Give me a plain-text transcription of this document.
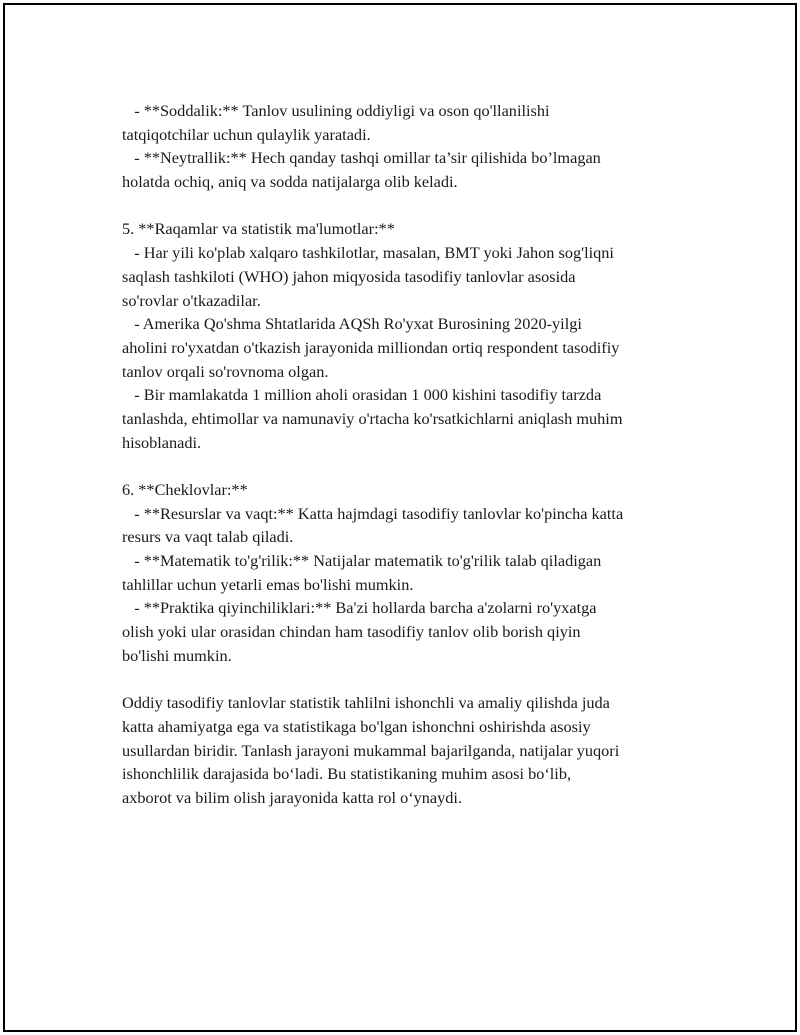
- **Soddalik:** Tanlov usulining oddiyligi va oson qo'llanilishi
tatqiqotchilar uchun qulaylik yaratadi.
- **Neytrallik:** Hech qanday tashqi omillar ta’sir qilishida bo’lmagan
holatda ochiq, aniq va sodda natijalarga olib keladi.
5. **Raqamlar va statistik ma'lumotlar:**
- Har yili ko'plab xalqaro tashkilotlar, masalan, BMT yoki Jahon sog'liqni
saqlash tashkiloti (WHO) jahon miqyosida tasodifiy tanlovlar asosida
so'rovlar o'tkazadilar.
- Amerika Qo'shma Shtatlarida AQSh Ro'yxat Burosining 2020-yilgi
aholini ro'yxatdan o'tkazish jarayonida milliondan ortiq respondent tasodifiy
tanlov orqali so'rovnoma olgan.
- Bir mamlakatda 1 million aholi orasidan 1 000 kishini tasodifiy tarzda
tanlashda, ehtimollar va namunaviy o'rtacha ko'rsatkichlarni aniqlash muhim
hisoblanadi.
6. **Cheklovlar:**
- **Resurslar va vaqt:** Katta hajmdagi tasodifiy tanlovlar ko'pincha katta
resurs va vaqt talab qiladi.
- **Matematik to'g'rilik:** Natijalar matematik to'g'rilik talab qiladigan
tahlillar uchun yetarli emas bo'lishi mumkin.
- **Praktika qiyinchiliklari:** Ba'zi hollarda barcha a'zolarni ro'yxatga
olish yoki ular orasidan chindan ham tasodifiy tanlov olib borish qiyin
bo'lishi mumkin.
Oddiy tasodifiy tanlovlar statistik tahlilni ishonchli va amaliy qilishda juda
katta ahamiyatga ega va statistikaga bo'lgan ishonchni oshirishda asosiy
usullardan biridir. Tanlash jarayoni mukammal bajarilganda, natijalar yuqori
ishonchlilik darajasida bo‘ladi. Bu statistikaning muhim asosi bo‘lib,
axborot va bilim olish jarayonida katta rol o‘ynaydi.
